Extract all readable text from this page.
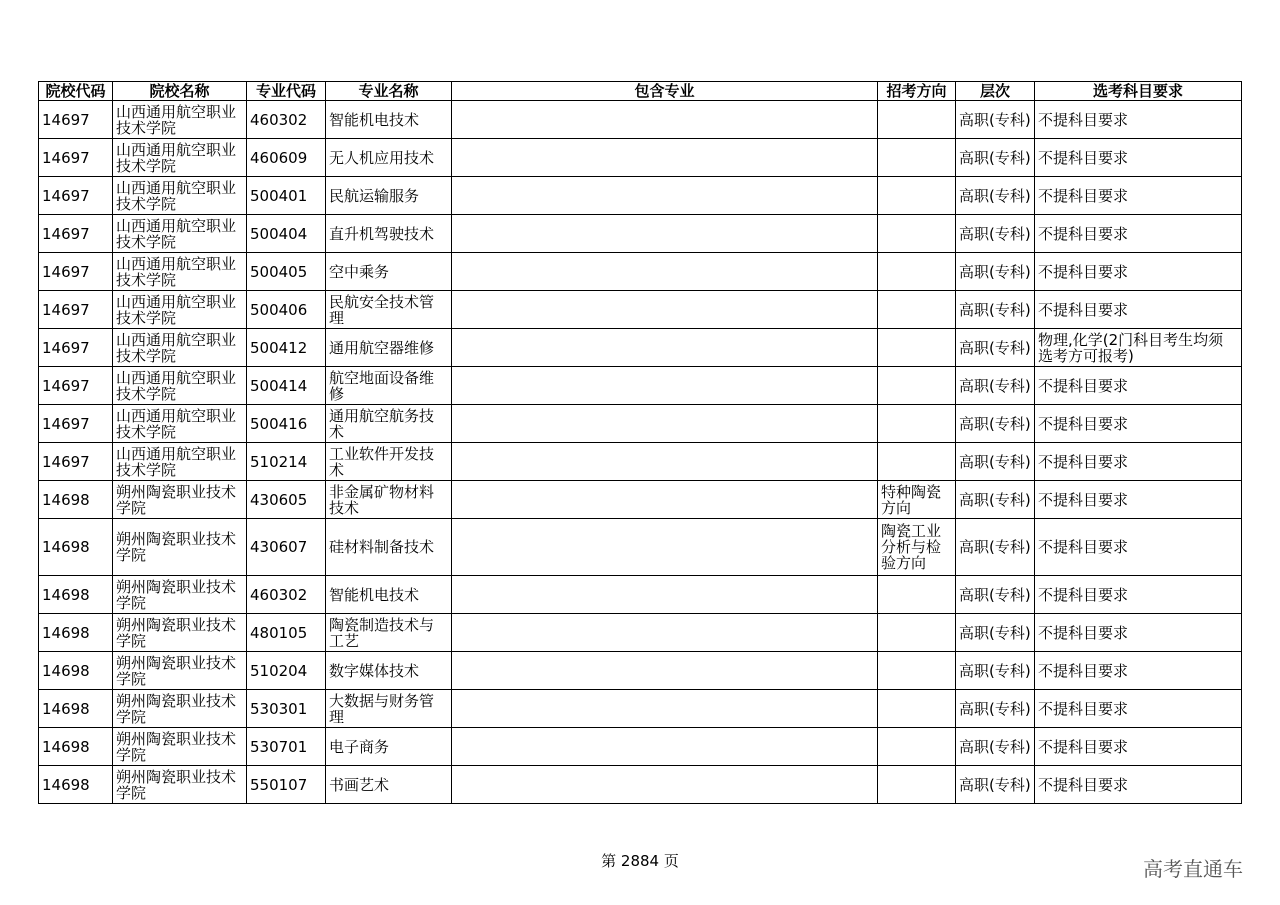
院校代码	院校名称	专业代码	专业名称	包含专业	招考方向	层次	选考科目要求
14697	山西通用航空职业技术学院	460302	智能机电技术			高职(专科)	不提科目要求
14697	山西通用航空职业技术学院	460609	无人机应用技术			高职(专科)	不提科目要求
14697	山西通用航空职业技术学院	500401	民航运输服务			高职(专科)	不提科目要求
14697	山西通用航空职业技术学院	500404	直升机驾驶技术			高职(专科)	不提科目要求
14697	山西通用航空职业技术学院	500405	空中乘务			高职(专科)	不提科目要求
14697	山西通用航空职业技术学院	500406	民航安全技术管理			高职(专科)	不提科目要求
14697	山西通用航空职业技术学院	500412	通用航空器维修			高职(专科)	物理,化学(2门科目考生均须选考方可报考)
14697	山西通用航空职业技术学院	500414	航空地面设备维修			高职(专科)	不提科目要求
14697	山西通用航空职业技术学院	500416	通用航空航务技术			高职(专科)	不提科目要求
14697	山西通用航空职业技术学院	510214	工业软件开发技术			高职(专科)	不提科目要求
14698	朔州陶瓷职业技术学院	430605	非金属矿物材料技术		特种陶瓷方向	高职(专科)	不提科目要求
14698	朔州陶瓷职业技术学院	430607	硅材料制备技术		陶瓷工业分析与检验方向	高职(专科)	不提科目要求
14698	朔州陶瓷职业技术学院	460302	智能机电技术			高职(专科)	不提科目要求
14698	朔州陶瓷职业技术学院	480105	陶瓷制造技术与工艺			高职(专科)	不提科目要求
14698	朔州陶瓷职业技术学院	510204	数字媒体技术			高职(专科)	不提科目要求
14698	朔州陶瓷职业技术学院	530301	大数据与财务管理			高职(专科)	不提科目要求
14698	朔州陶瓷职业技术学院	530701	电子商务			高职(专科)	不提科目要求
14698	朔州陶瓷职业技术学院	550107	书画艺术			高职(专科)	不提科目要求
第 2884 页	高考直通车
